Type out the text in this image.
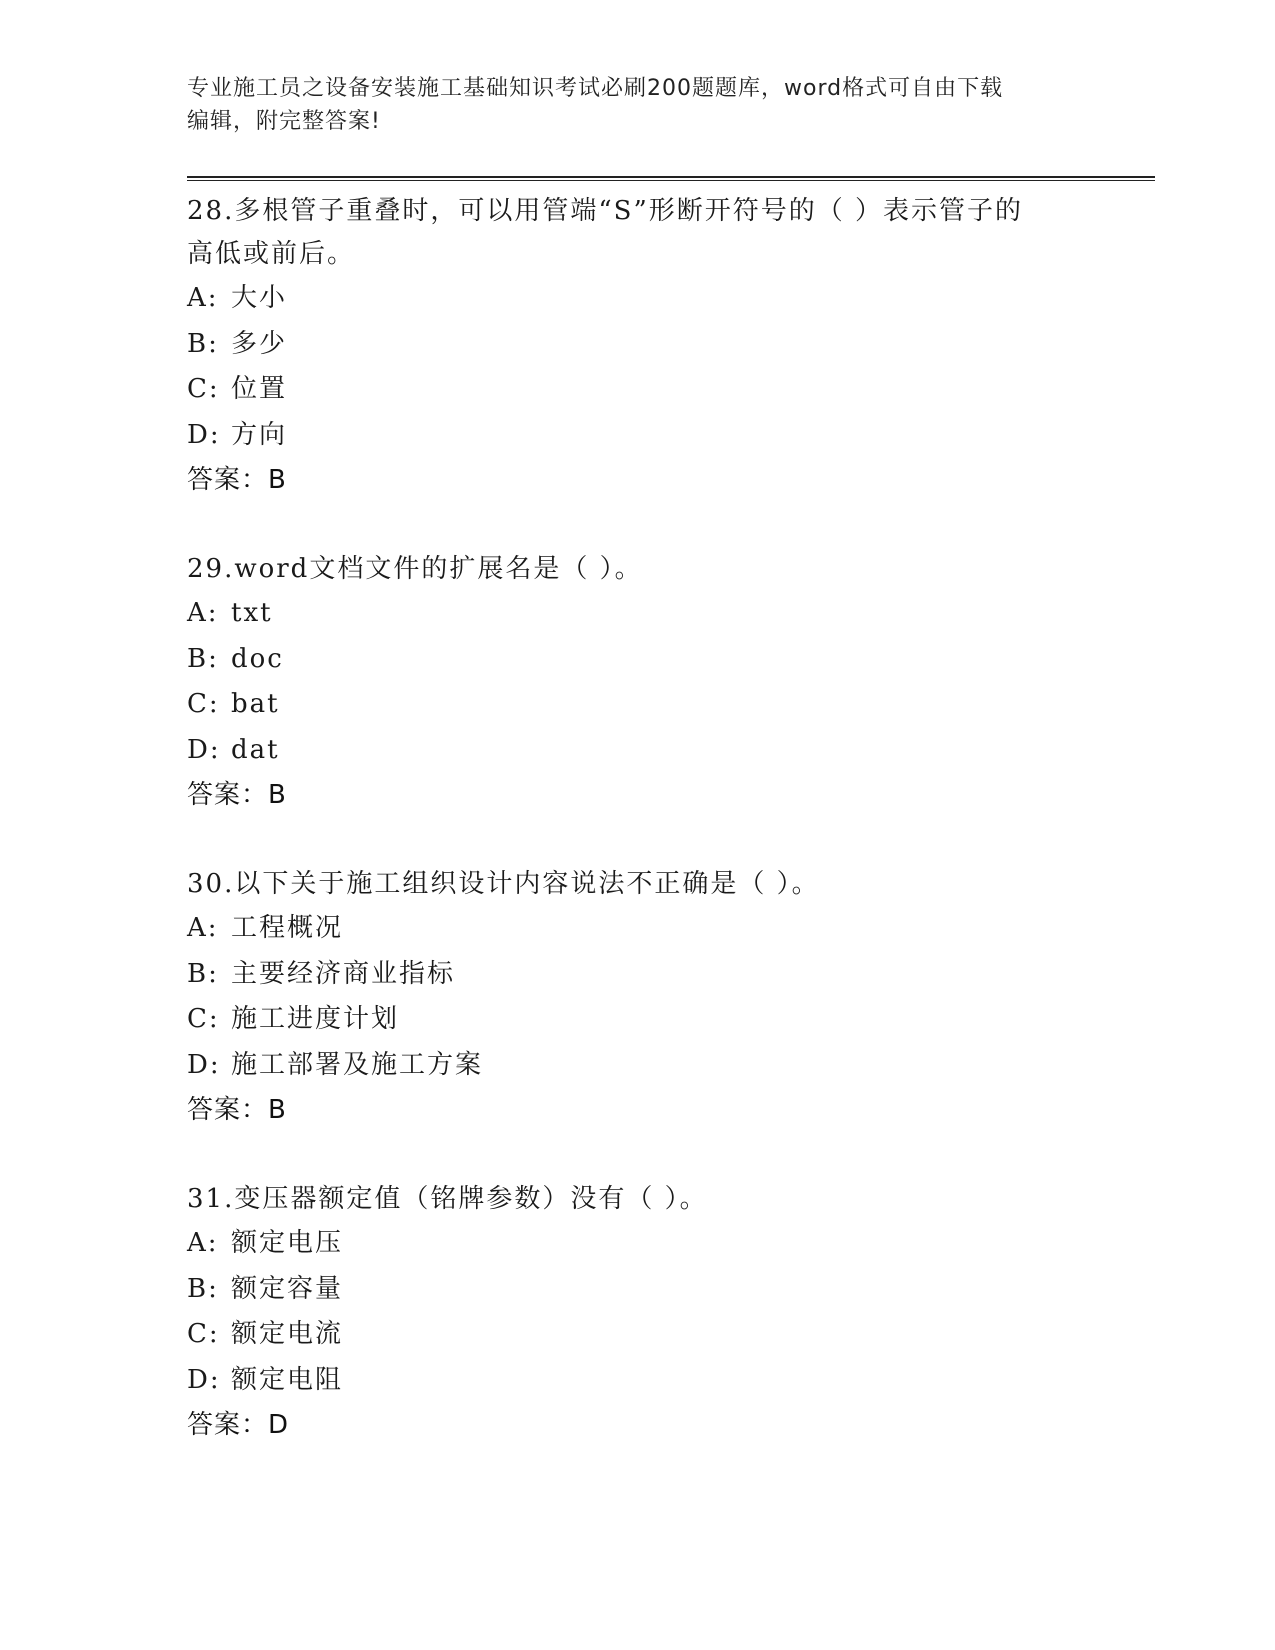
专业施工员之设备安装施工基础知识考试必刷200题题库，word格式可自由下载
编辑，附完整答案!
28.多根管子重叠时，可以用管端“S”形断开符号的（ ）表示管子的
高低或前后。
A: 大小
B: 多少
C: 位置
D: 方向
答案：B
29.word文档文件的扩展名是（ ）。
A: txt
B: doc
C: bat
D: dat
答案：B
30.以下关于施工组织设计内容说法不正确是（ ）。
A: 工程概况
B: 主要经济商业指标
C: 施工进度计划
D: 施工部署及施工方案
答案：B
31.变压器额定值（铭牌参数）没有（ ）。
A: 额定电压
B: 额定容量
C: 额定电流
D: 额定电阻
答案：D
